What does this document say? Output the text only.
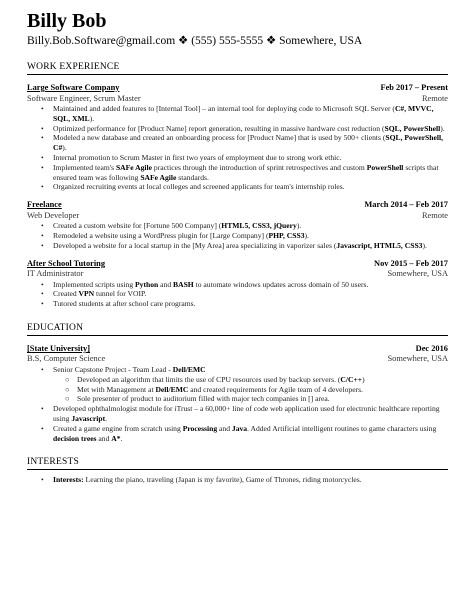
Billy Bob
Billy.Bob.Software@gmail.com ❖ (555) 555-5555 ❖ Somewhere, USA
WORK EXPERIENCE
Large Software Company	Feb 2017 – Present
Software Engineer, Scrum Master	Remote
• Maintained and added features to [Internal Tool] – an internal tool for deploying code to Microsoft SQL Server (C#, MVVC, SQL, XML).
• Optimized performance for [Product Name] report generation, resulting in massive hardware cost reduction (SQL, PowerShell).
• Modeled a new database and created an onboarding process for [Product Name] that is used by 500+ clients (SQL, PowerShell, C#).
• Internal promotion to Scrum Master in first two years of employment due to strong work ethic.
• Implemented team's SAFe Agile practices through the introduction of sprint retrospectives and custom PowerShell scripts that ensured team was following SAFe Agile standards.
• Organized recruiting events at local colleges and screened applicants for team's internship roles.
Freelance	March 2014 – Feb 2017
Web Developer	Remote
• Created a custom website for [Fortune 500 Company] (HTML5, CSS3, jQuery).
• Remodeled a website using a WordPress plugin for [Large Company] (PHP, CSS3).
• Developed a website for a local startup in the [My Area] area specializing in vaporizer sales (Javascript, HTML5, CSS3).
After School Tutoring	Nov 2015 – Feb 2017
IT Administrator	Somewhere, USA
• Implemented scripts using Python and BASH to automate windows updates across domain of 50 users.
• Created VPN tunnel for VOIP.
• Tutored students at after school care programs.
EDUCATION
[State University]	Dec 2016
B.S, Computer Science	Somewhere, USA
• Senior Capstone Project - Team Lead - Dell/EMC
○ Developed an algorithm that limits the use of CPU resources used by backup servers. (C/C++)
○ Met with Management at Dell/EMC and created requirements for Agile team of 4 developers.
○ Sole presenter of product to auditorium filled with major tech companies in [] area.
• Developed ophthalmologist module for iTrust – a 60,000+ line of code web application used for electronic healthcare reporting using Javascript.
• Created a game engine from scratch using Processing and Java. Added Artificial intelligent routines to game characters using decision trees and A*.
INTERESTS
• Interests: Learning the piano, traveling (Japan is my favorite), Game of Thrones, riding motorcycles.
